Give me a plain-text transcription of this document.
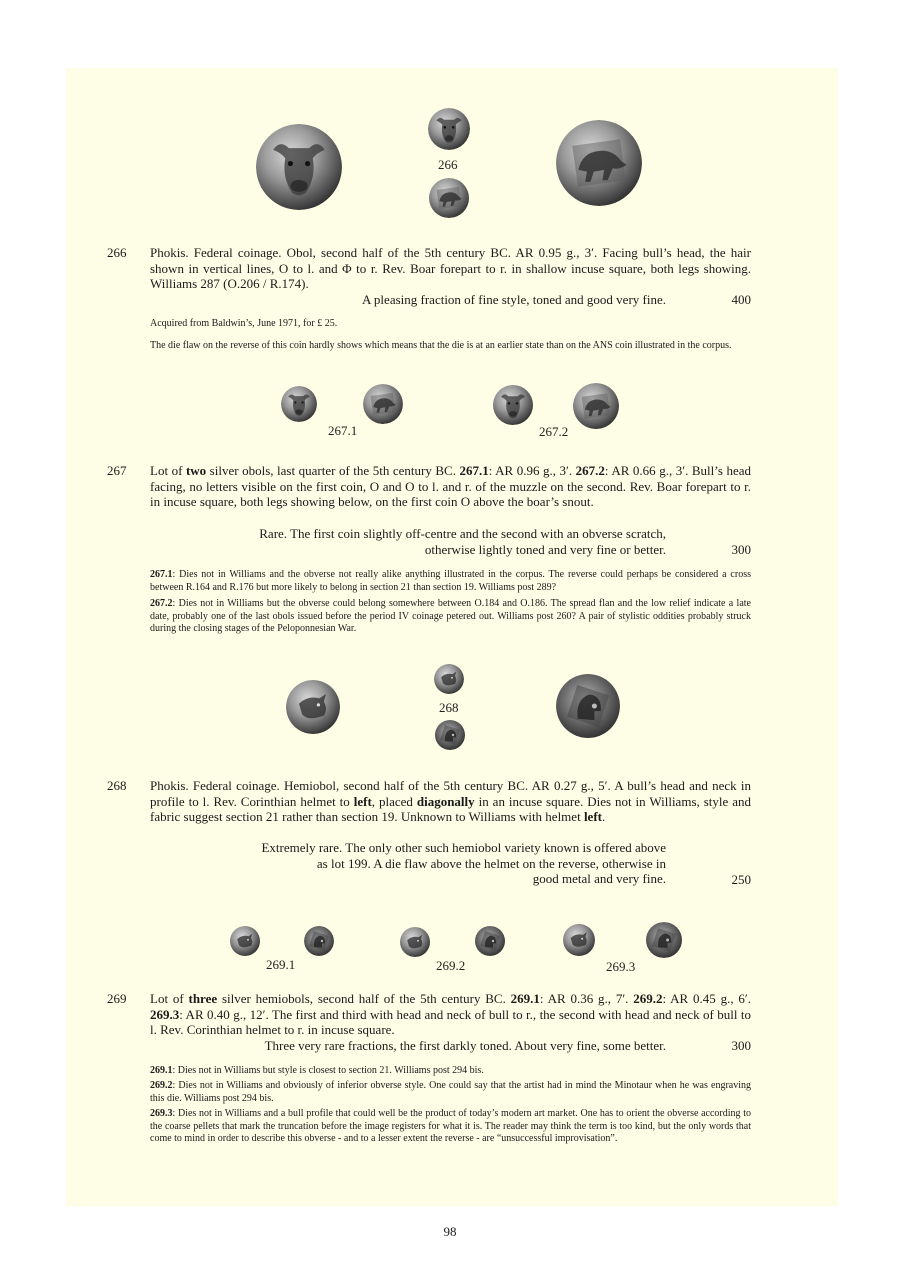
266
266 Phokis. Federal coinage. Obol, second half of the 5th century BC. AR 0.95 g., 3′. Facing bull’s head, the hair shown in vertical lines, O to l. and Φ to r. Rev. Boar forepart to r. in shallow incuse square, both legs showing. Williams 287 (O.206 / R.174).
A pleasing fraction of fine style, toned and good very fine.	400
Acquired from Baldwin’s, June 1971, for £ 25.
The die flaw on the reverse of this coin hardly shows which means that the die is at an earlier state than on the ANS coin illustrated in the corpus.
267.1	267.2
267 Lot of two silver obols, last quarter of the 5th century BC. 267.1: AR 0.96 g., 3′. 267.2: AR 0.66 g., 3′. Bull’s head facing, no letters visible on the first coin, O and O to l. and r. of the muzzle on the second. Rev. Boar forepart to r. in incuse square, both legs showing below, on the first coin O above the boar’s snout.
Rare. The first coin slightly off-centre and the second with an obverse scratch,
otherwise lightly toned and very fine or better.	300
267.1: Dies not in Williams and the obverse not really alike anything illustrated in the corpus. The reverse could perhaps be considered a cross between R.164 and R.176 but more likely to belong in section 21 than section 19. Williams post 289?
267.2: Dies not in Williams but the obverse could belong somewhere between O.184 and O.186. The spread flan and the low relief indicate a late date, probably one of the last obols issued before the period IV coinage petered out. Williams post 260? A pair of stylistic oddities probably struck during the closing stages of the Peloponnesian War.
268
268 Phokis. Federal coinage. Hemiobol, second half of the 5th century BC. AR 0.27 g., 5′. A bull’s head and neck in profile to l. Rev. Corinthian helmet to left, placed diagonally in an incuse square. Dies not in Williams, style and fabric suggest section 21 rather than section 19. Unknown to Williams with helmet left.
Extremely rare. The only other such hemiobol variety known is offered above
as lot 199. A die flaw above the helmet on the reverse, otherwise in
good metal and very fine.	250
269.1	269.2	269.3
269 Lot of three silver hemiobols, second half of the 5th century BC. 269.1: AR 0.36 g., 7′. 269.2: AR 0.45 g., 6′. 269.3: AR 0.40 g., 12′. The first and third with head and neck of bull to r., the second with head and neck of bull to l. Rev. Corinthian helmet to r. in incuse square.
Three very rare fractions, the first darkly toned. About very fine, some better.	300
269.1: Dies not in Williams but style is closest to section 21. Williams post 294 bis.
269.2: Dies not in Williams and obviously of inferior obverse style. One could say that the artist had in mind the Minotaur when he was engraving this die. Williams post 294 bis.
269.3: Dies not in Williams and a bull profile that could well be the product of today’s modern art market. One has to orient the obverse according to the coarse pellets that mark the truncation before the image registers for what it is. The reader may think the term is too kind, but the only words that come to mind in order to describe this obverse - and to a lesser extent the reverse - are “unsuccessful improvisation”.
98
